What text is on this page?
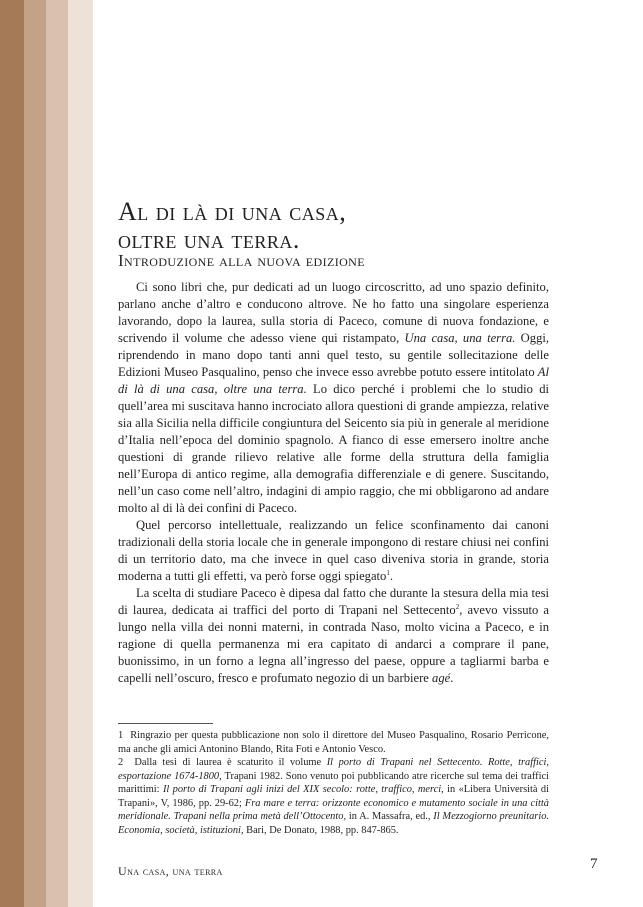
Al di là di una casa,
oltre una terra.
Introduzione alla nuova edizione

Ci sono libri che, pur dedicati ad un luogo circoscritto, ad uno spazio definito, parlano anche d’altro e conducono altrove. Ne ho fatto una singolare esperienza lavorando, dopo la laurea, sulla storia di Paceco, comune di nuova fondazione, e scrivendo il volume che adesso viene qui ristampato, Una casa, una terra. Oggi, riprendendo in mano dopo tanti anni quel testo, su gentile sollecitazione delle Edizioni Museo Pasqualino, penso che invece esso avrebbe potuto essere intitolato Al di là di una casa, oltre una terra. Lo dico perché i problemi che lo studio di quell’area mi suscitava hanno incrociato allora questioni di grande ampiezza, relative sia alla Sicilia nella difficile congiuntura del Seicento sia più in generale al meridione d’Italia nell’epoca del dominio spagnolo. A fianco di esse emersero inoltre anche questioni di grande rilievo relative alle forme della struttura della famiglia nell’Europa di antico regime, alla demografia differenziale e di genere. Suscitando, nell’un caso come nell’altro, indagini di ampio raggio, che mi obbligarono ad andare molto al di là dei confini di Paceco.

Quel percorso intellettuale, realizzando un felice sconfinamento dai canoni tradizionali della storia locale che in generale impongono di restare chiusi nei confini di un territorio dato, ma che invece in quel caso diveniva storia in grande, storia moderna a tutti gli effetti, va però forse oggi spiegato$^1$.

La scelta di studiare Paceco è dipesa dal fatto che durante la stesura della mia tesi di laurea, dedicata ai traffici del porto di Trapani nel Settecento$^2$, avevo vissuto a lungo nella villa dei nonni materni, in contrada Naso, molto vicina a Paceco, e in ragione di quella permanenza mi era capitato di andarci a comprare il pane, buonissimo, in un forno a legna all’ingresso del paese, oppure a tagliarmi barba e capelli nell’oscuro, fresco e profumato negozio di un barbiere agé.

1 Ringrazio per questa pubblicazione non solo il direttore del Museo Pasqualino, Rosario Perricone, ma anche gli amici Antonino Blando, Rita Foti e Antonio Vesco.

2 Dalla tesi di laurea è scaturito il volume Il porto di Trapani nel Settecento. Rotte, traffici, esportazione 1674-1800, Trapani 1982. Sono venuto poi pubblicando atre ricerche sul tema dei traffici marittimi: Il porto di Trapani agli inizi del XIX secolo: rotte, traffico, merci, in «Libera Università di Trapani», V, 1986, pp. 29-62; Fra mare e terra: orizzonte economico e mutamento sociale in una città meridionale. Trapani nella prima metà dell’Ottocento, in A. Massafra, ed., Il Mezzogiorno preunitario. Economia, società, istituzioni, Bari, De Donato, 1988, pp. 847-865.

Una casa, una terra	7
